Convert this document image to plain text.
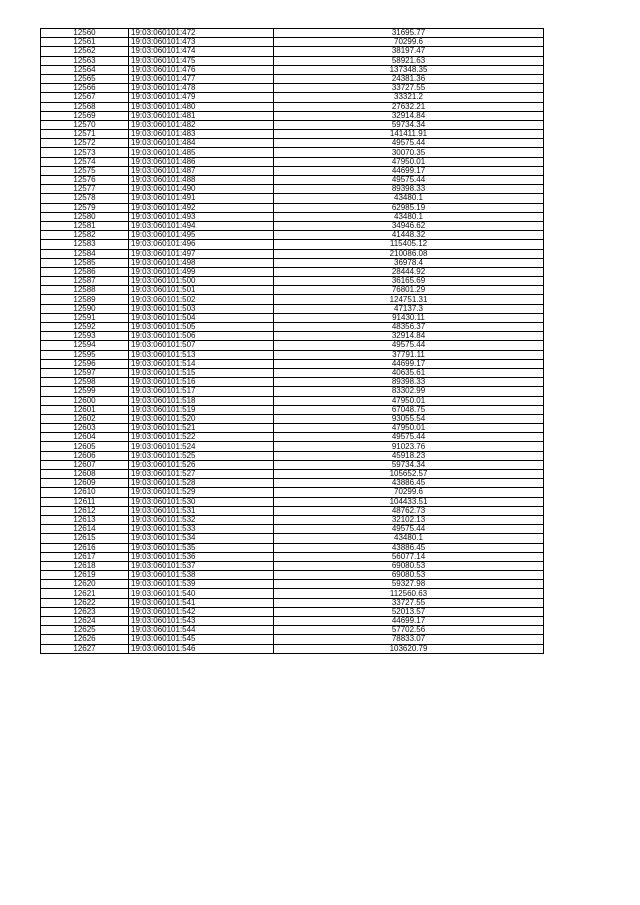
12560	19:03:060101:472	31695.77
12561	19:03:060101:473	70299.6
12562	19:03:060101:474	38197.47
12563	19:03:060101:475	58921.63
12564	19:03:060101:476	137348.35
12565	19:03:060101:477	24381.36
12566	19:03:060101:478	33727.55
12567	19:03:060101:479	33321.2
12568	19:03:060101:480	27632.21
12569	19:03:060101:481	32914.84
12570	19:03:060101:482	59734.34
12571	19:03:060101:483	141411.91
12572	19:03:060101:484	49575.44
12573	19:03:060101:485	30070.35
12574	19:03:060101:486	47950.01
12575	19:03:060101:487	44699.17
12576	19:03:060101:488	49575.44
12577	19:03:060101:490	89398.33
12578	19:03:060101:491	43480.1
12579	19:03:060101:492	62985.19
12580	19:03:060101:493	43480.1
12581	19:03:060101:494	34946.62
12582	19:03:060101:495	41448.32
12583	19:03:060101:496	115405.12
12584	19:03:060101:497	210086.08
12585	19:03:060101:498	36978.4
12586	19:03:060101:499	28444.92
12587	19:03:060101:500	36165.69
12588	19:03:060101:501	76801.29
12589	19:03:060101:502	124751.31
12590	19:03:060101:503	47137.3
12591	19:03:060101:504	91430.11
12592	19:03:060101:505	48356.37
12593	19:03:060101:506	32914.84
12594	19:03:060101:507	49575.44
12595	19:03:060101:513	37791.11
12596	19:03:060101:514	44699.17
12597	19:03:060101:515	40635.61
12598	19:03:060101:516	89398.33
12599	19:03:060101:517	83302.99
12600	19:03:060101:518	47950.01
12601	19:03:060101:519	67048.75
12602	19:03:060101:520	93055.54
12603	19:03:060101:521	47950.01
12604	19:03:060101:522	49575.44
12605	19:03:060101:524	91023.76
12606	19:03:060101:525	45918.23
12607	19:03:060101:526	59734.34
12608	19:03:060101:527	105652.57
12609	19:03:060101:528	43886.45
12610	19:03:060101:529	70299.6
12611	19:03:060101:530	104433.51
12612	19:03:060101:531	48762.73
12613	19:03:060101:532	32102.13
12614	19:03:060101:533	49575.44
12615	19:03:060101:534	43480.1
12616	19:03:060101:535	43886.45
12617	19:03:060101:536	56077.14
12618	19:03:060101:537	69080.53
12619	19:03:060101:538	69080.53
12620	19:03:060101:539	59327.98
12621	19:03:060101:540	112560.63
12622	19:03:060101:541	33727.55
12623	19:03:060101:542	52013.57
12624	19:03:060101:543	44699.17
12625	19:03:060101:544	57702.56
12626	19:03:060101:545	78833.07
12627	19:03:060101:546	103620.79
